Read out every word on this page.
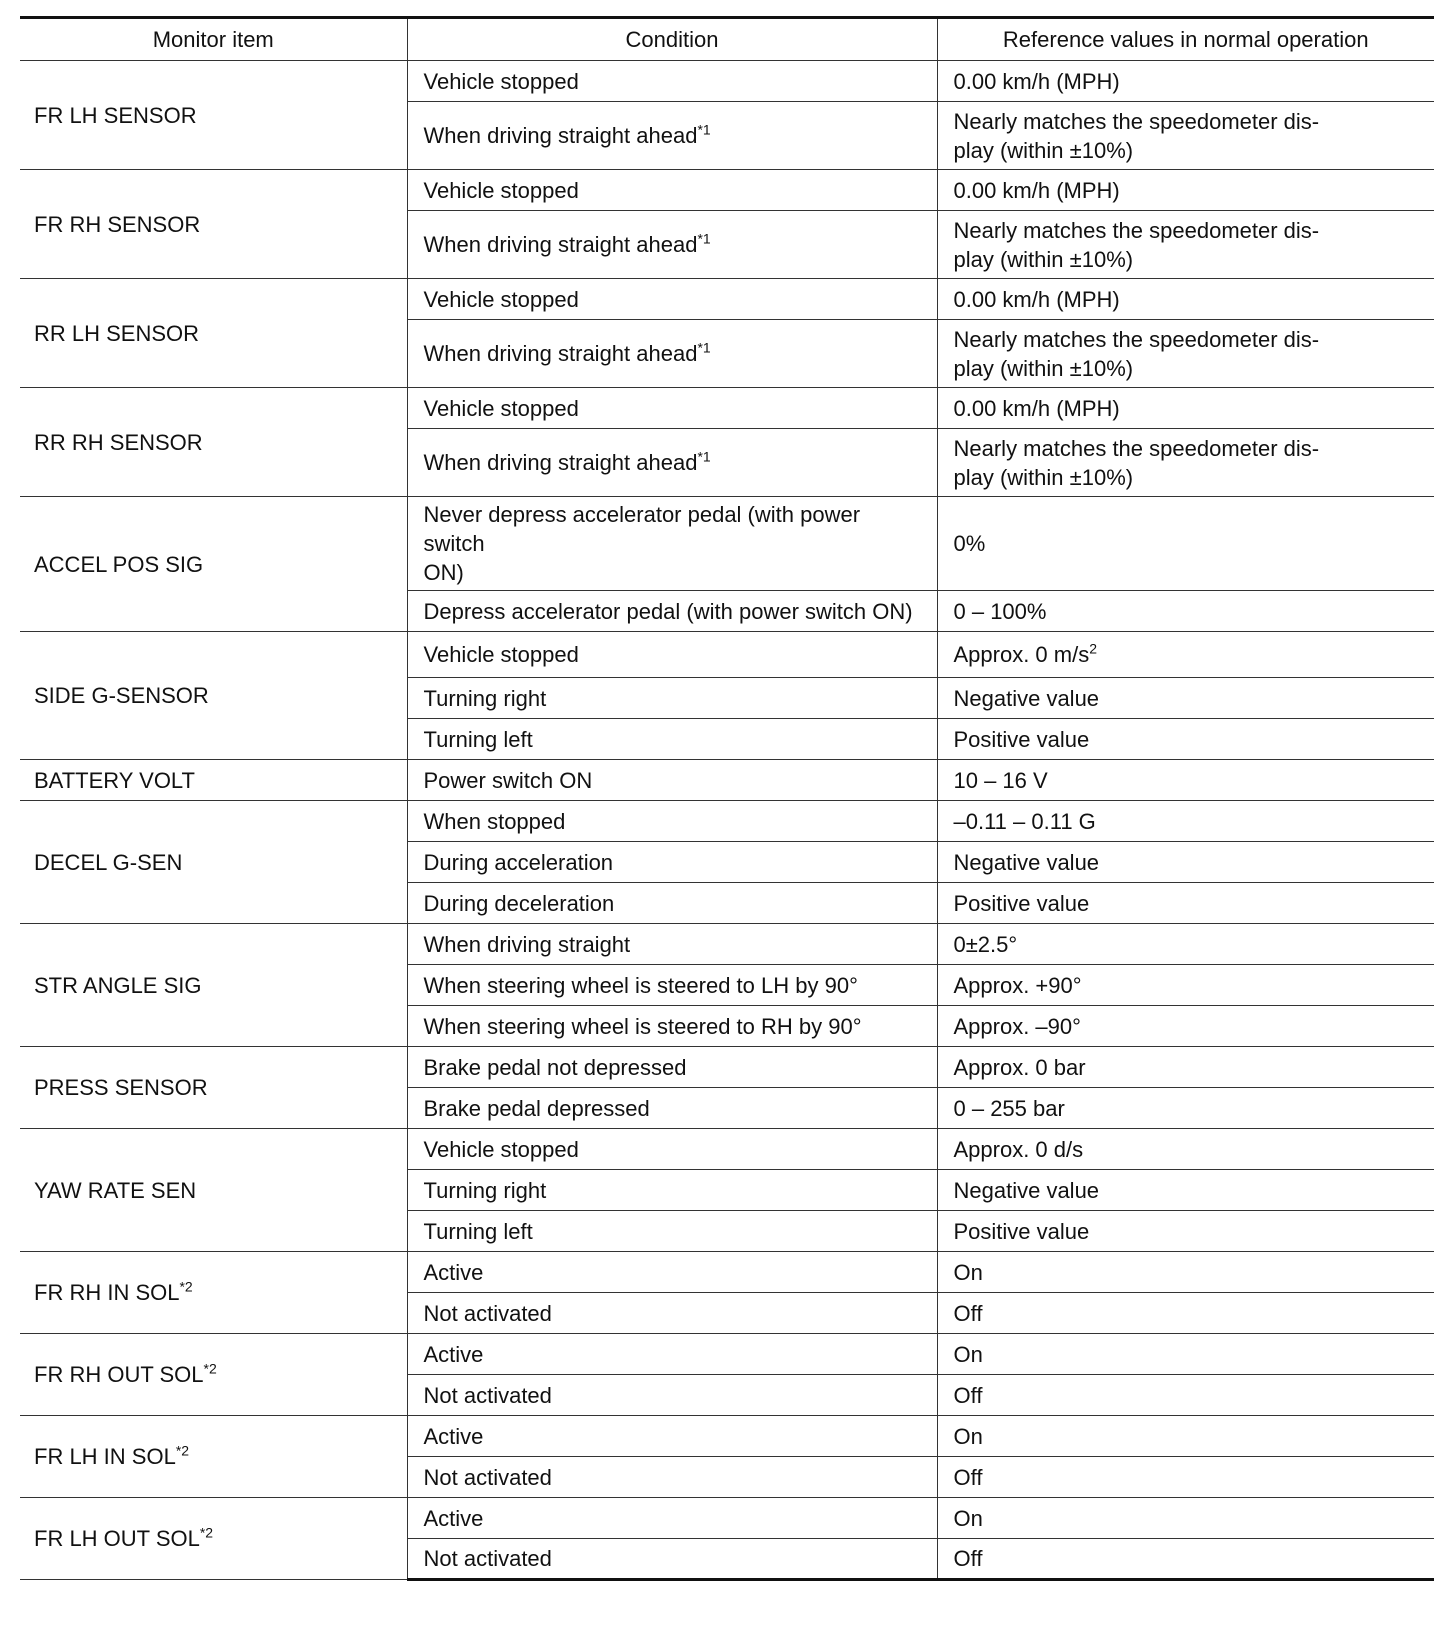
Monitor item	Condition	Reference values in normal operation
FR LH SENSOR	Vehicle stopped	0.00 km/h (MPH)
	When driving straight ahead$^{*1}$	Nearly matches the speedometer dis-
play (within ±10%)
FR RH SENSOR	Vehicle stopped	0.00 km/h (MPH)
	When driving straight ahead$^{*1}$	Nearly matches the speedometer dis-
play (within ±10%)
RR LH SENSOR	Vehicle stopped	0.00 km/h (MPH)
	When driving straight ahead$^{*1}$	Nearly matches the speedometer dis-
play (within ±10%)
RR RH SENSOR	Vehicle stopped	0.00 km/h (MPH)
	When driving straight ahead$^{*1}$	Nearly matches the speedometer dis-
play (within ±10%)
ACCEL POS SIG	Never depress accelerator pedal (with power switch
ON)	0%
	Depress accelerator pedal (with power switch ON)	0 – 100%
SIDE G-SENSOR	Vehicle stopped	Approx. 0 $m/s^2$
	Turning right	Negative value
	Turning left	Positive value
BATTERY VOLT	Power switch ON	10 – 16 V
DECEL G-SEN	When stopped	–0.11 – 0.11 G
	During acceleration	Negative value
	During deceleration	Positive value
STR ANGLE SIG	When driving straight	0±2.5°
	When steering wheel is steered to LH by 90°	Approx. +90°
	When steering wheel is steered to RH by 90°	Approx. –90°
PRESS SENSOR	Brake pedal not depressed	Approx. 0 bar
	Brake pedal depressed	0 – 255 bar
YAW RATE SEN	Vehicle stopped	Approx. 0 d/s
	Turning right	Negative value
	Turning left	Positive value
FR RH IN SOL$^{*2}$	Active	On
	Not activated	Off
FR RH OUT SOL$^{*2}$	Active	On
	Not activated	Off
FR LH IN SOL$^{*2}$	Active	On
	Not activated	Off
FR LH OUT SOL$^{*2}$	Active	On
	Not activated	Off
